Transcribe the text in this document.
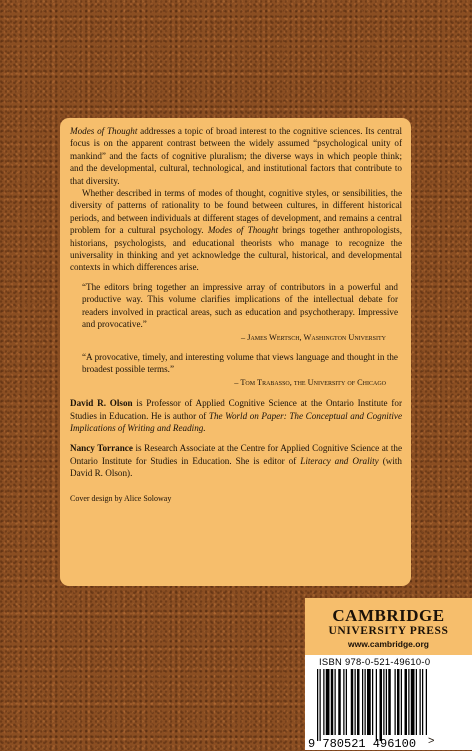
Modes of Thought addresses a topic of broad interest to the cognitive sciences. Its central focus is on the apparent contrast between the widely assumed “psychological unity of mankind” and the facts of cognitive pluralism; the diverse ways in which people think; and the developmental, cultural, technological, and institutional factors that contribute to that diversity.

Whether described in terms of modes of thought, cognitive styles, or sensibilities, the diversity of patterns of rationality to be found between cultures, in different historical periods, and between individuals at different stages of development, and remains a central problem for a cultural psychology. Modes of Thought brings together anthropologists, historians, psychologists, and educational theorists who manage to recognize the universality in thinking and yet acknowledge the cultural, historical, and developmental contexts in which differences arise.

“The editors bring together an impressive array of contributors in a powerful and productive way. This volume clarifies implications of the intellectual debate for readers involved in practical areas, such as education and psychotherapy. Impressive and provocative.”

– James Wertsch, Washington University

“A provocative, timely, and interesting volume that views language and thought in the broadest possible terms.”

– Tom Trabasso, the University of Chicago

David R. Olson is Professor of Applied Cognitive Science at the Ontario Institute for Studies in Education. He is author of The World on Paper: The Conceptual and Cognitive Implications of Writing and Reading.

Nancy Torrance is Research Associate at the Centre for Applied Cognitive Science at the Ontario Institute for Studies in Education. She is editor of Literacy and Orality (with David R. Olson).

Cover design by Alice Soloway
CAMBRIDGE
UNIVERSITY PRESS
www.cambridge.org
ISBN 978-0-521-49610-0
9 780521 496100 >
